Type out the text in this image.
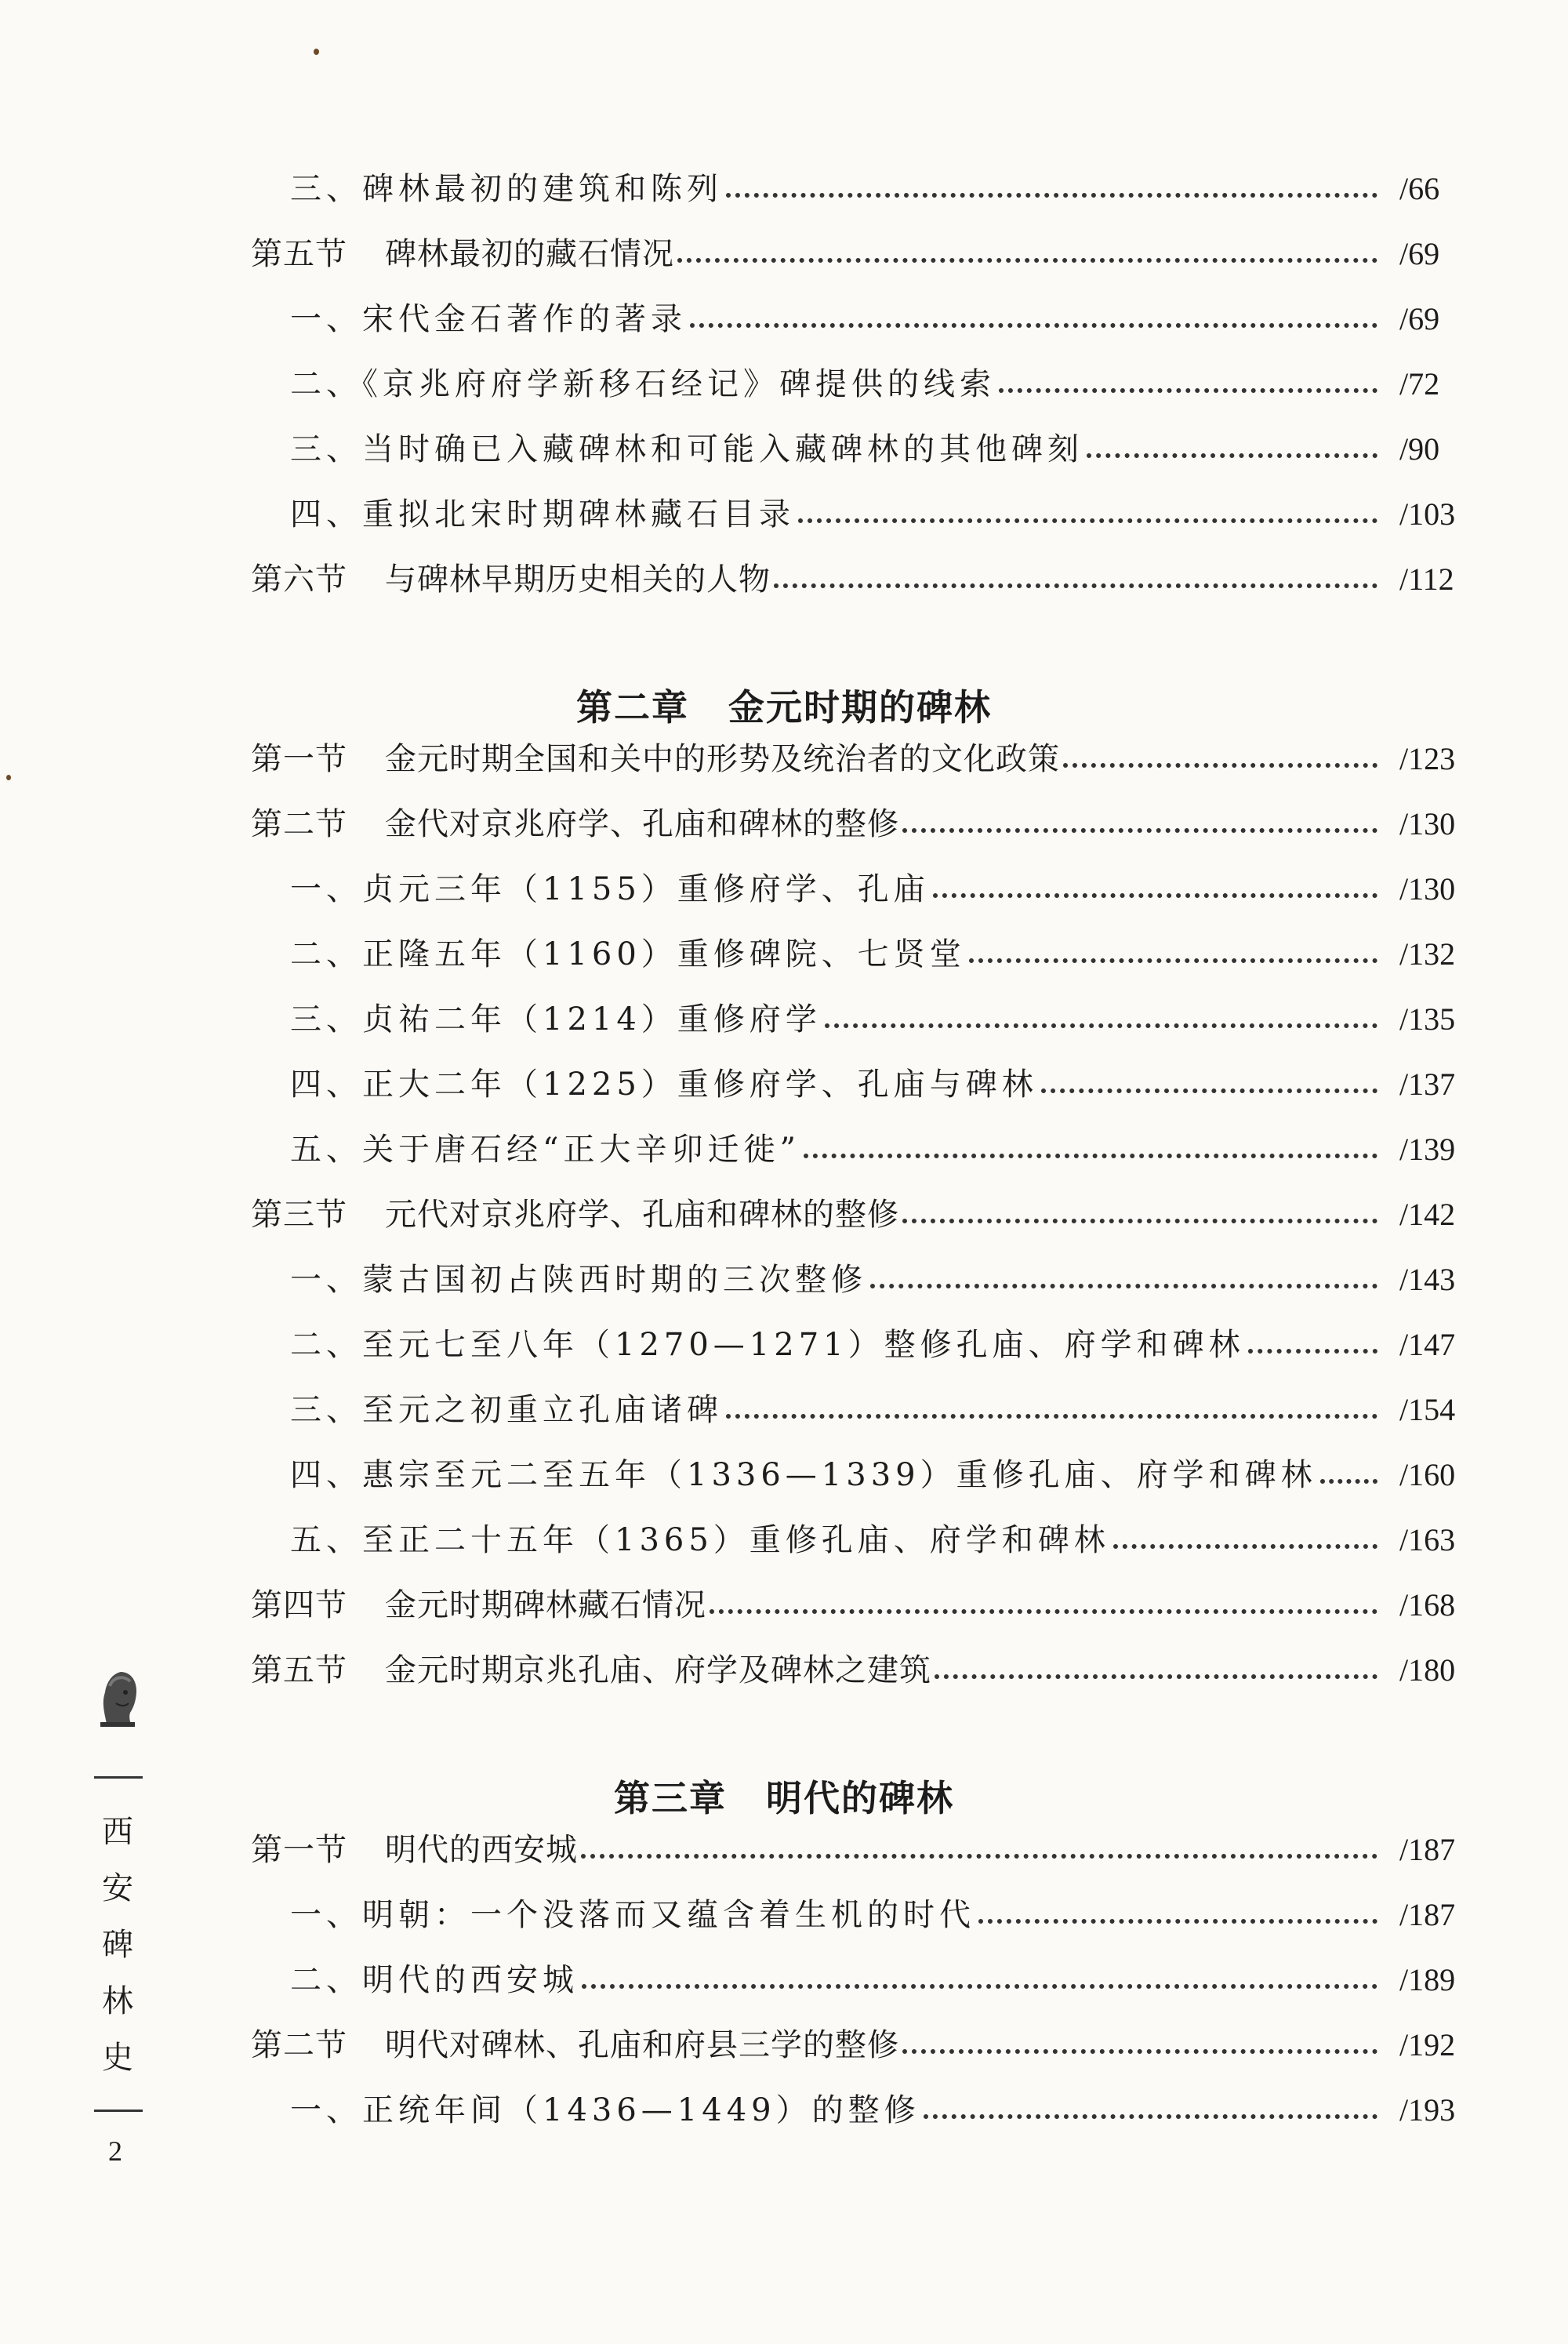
三、碑林最初的建筑和陈列	/66
第五节 碑林最初的藏石情况	/69
一、宋代金石著作的著录	/69
二、《京兆府府学新移石经记》碑提供的线索	/72
三、当时确已入藏碑林和可能入藏碑林的其他碑刻	/90
四、重拟北宋时期碑林藏石目录	/103
第六节 与碑林早期历史相关的人物	/112
第二章 金元时期的碑林
第一节 金元时期全国和关中的形势及统治者的文化政策	/123
第二节 金代对京兆府学、孔庙和碑林的整修	/130
一、贞元三年（1155）重修府学、孔庙	/130
二、正隆五年（1160）重修碑院、七贤堂	/132
三、贞祐二年（1214）重修府学	/135
四、正大二年（1225）重修府学、孔庙与碑林	/137
五、关于唐石经“正大辛卯迁徙”	/139
第三节 元代对京兆府学、孔庙和碑林的整修	/142
一、蒙古国初占陕西时期的三次整修	/143
二、至元七至八年（1270—1271）整修孔庙、府学和碑林	/147
三、至元之初重立孔庙诸碑	/154
四、惠宗至元二至五年（1336—1339）重修孔庙、府学和碑林	/160
五、至正二十五年（1365）重修孔庙、府学和碑林	/163
第四节 金元时期碑林藏石情况	/168
第五节 金元时期京兆孔庙、府学及碑林之建筑	/180
第三章 明代的碑林
第一节 明代的西安城	/187
一、明朝：一个没落而又蕴含着生机的时代	/187
二、明代的西安城	/189
第二节 明代对碑林、孔庙和府县三学的整修	/192
一、正统年间（1436—1449）的整修	/193
西
安
碑
林
史
2
